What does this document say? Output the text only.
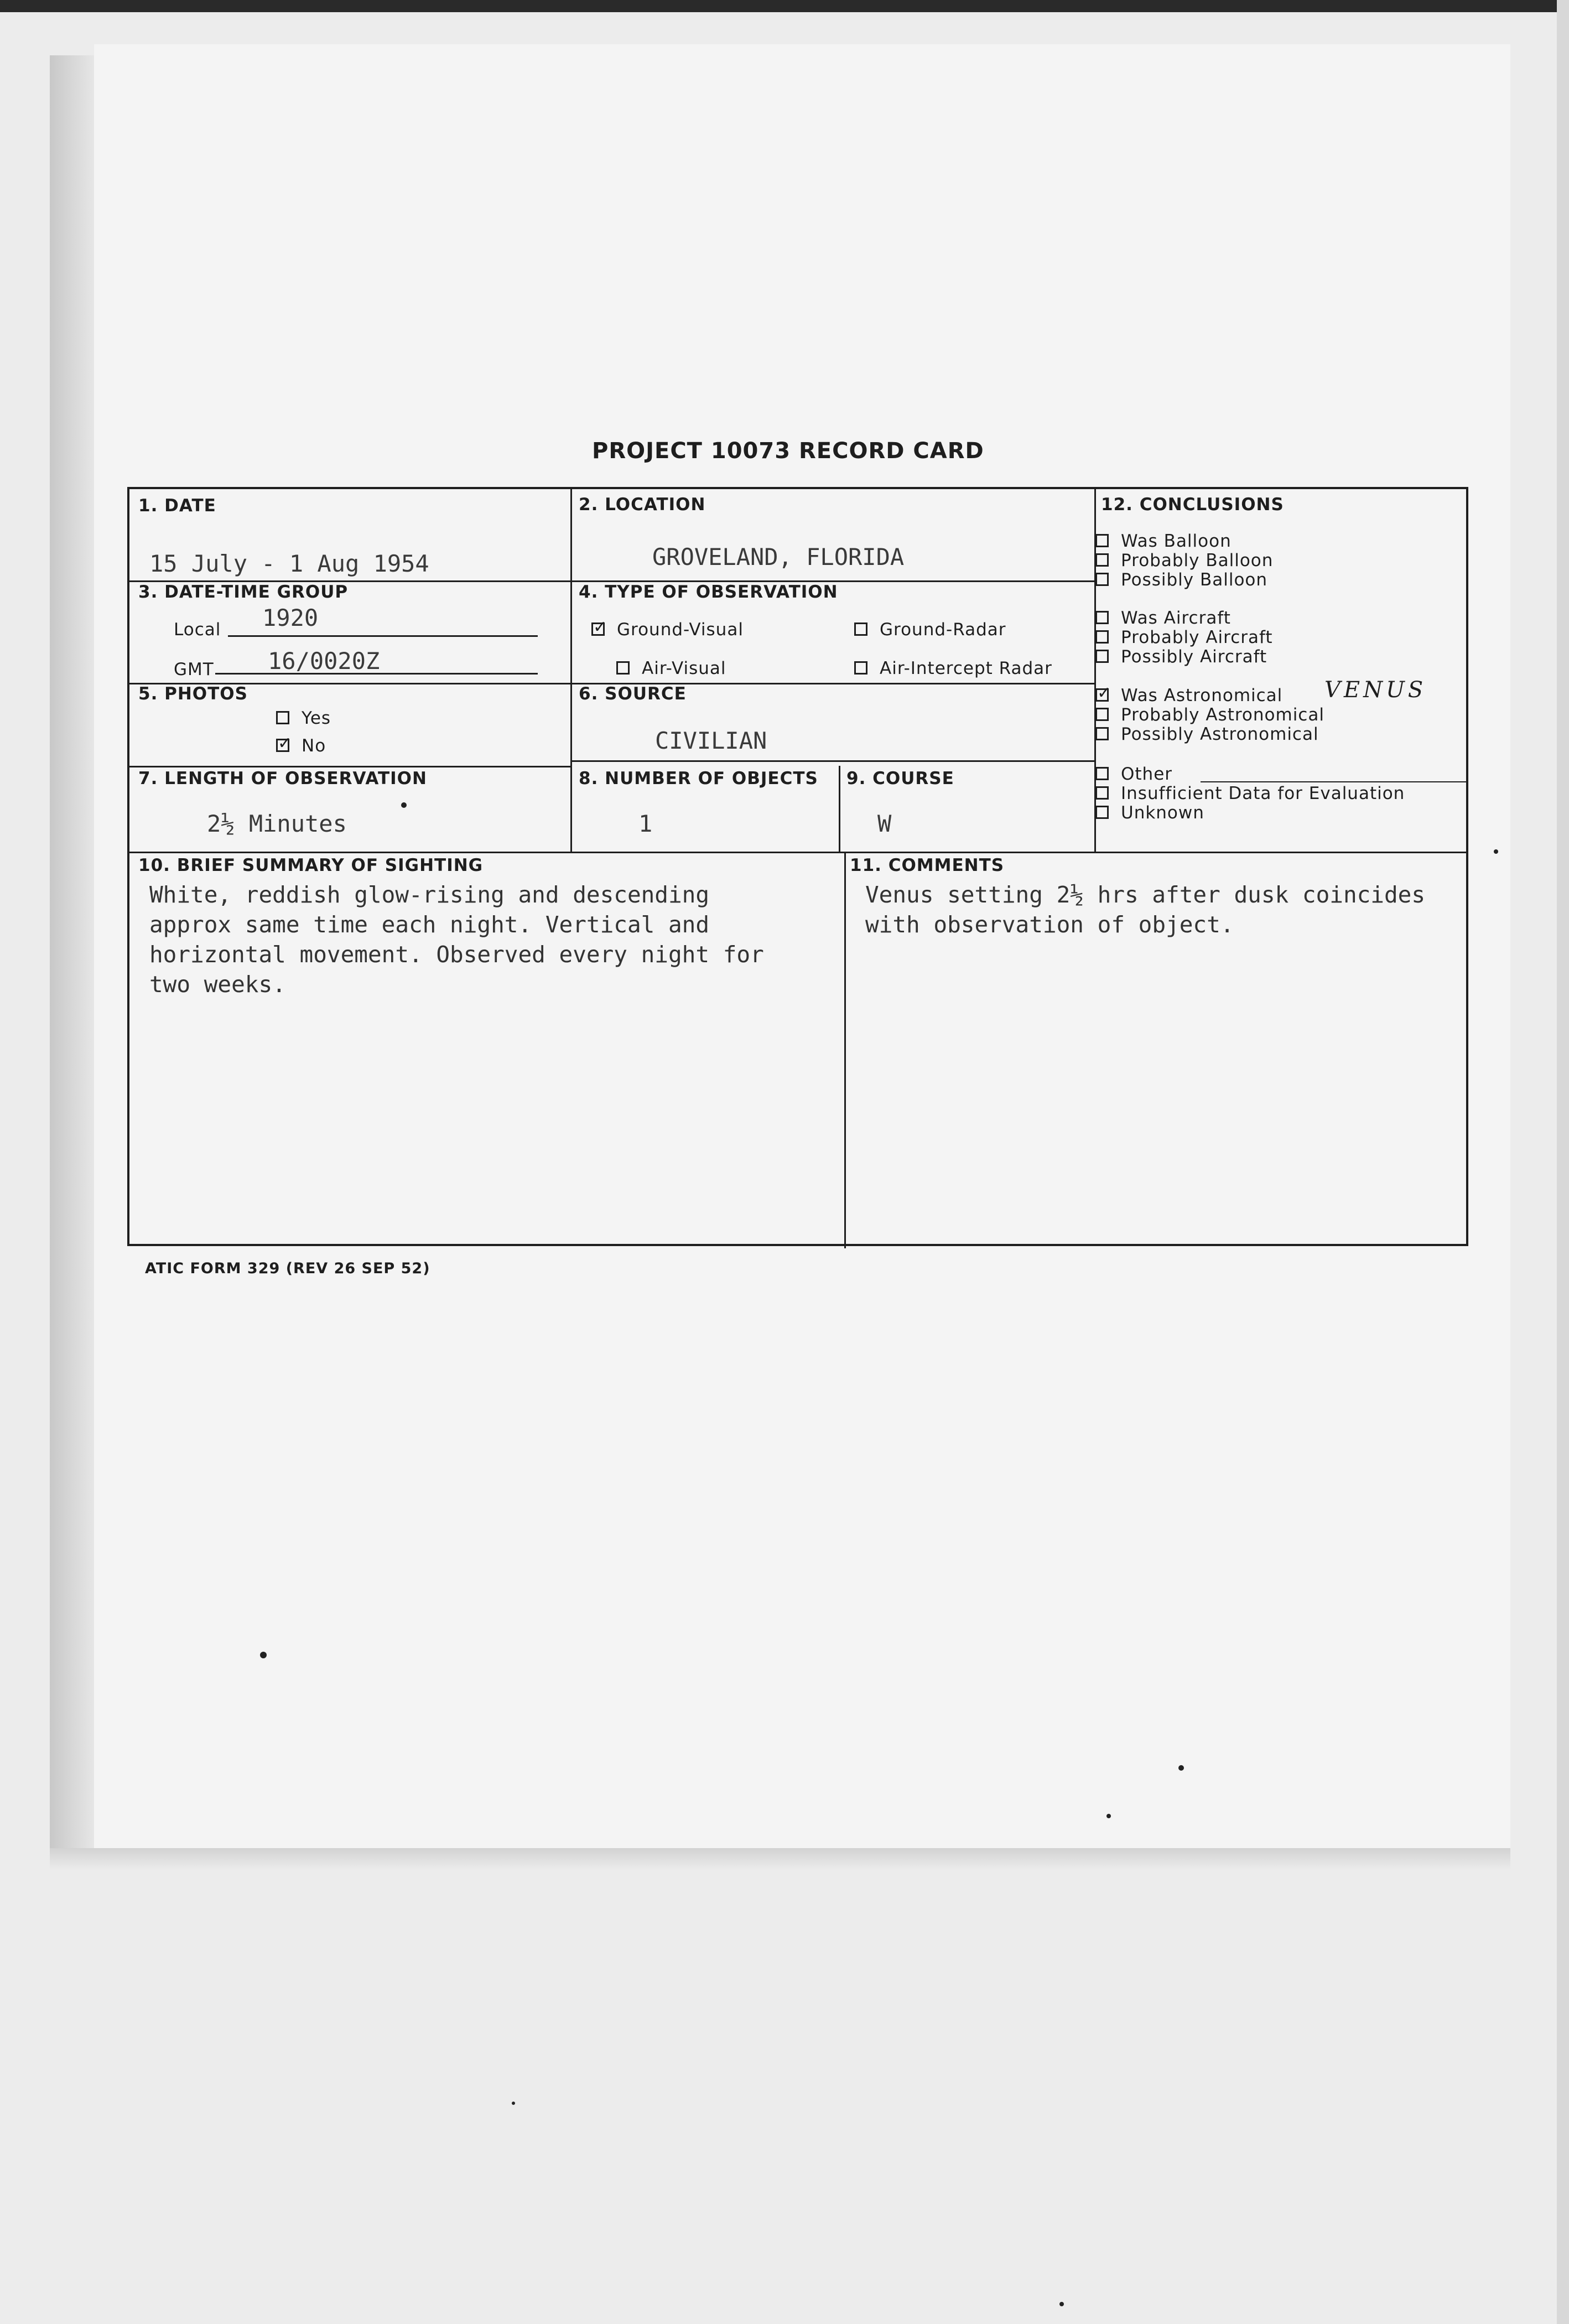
PROJECT 10073 RECORD CARD
1. DATE
15 July - 1 Aug 1954
2. LOCATION
GROVELAND, FLORIDA
3. DATE-TIME GROUP
Local 1920
GMT 16/0020Z
4. TYPE OF OBSERVATION
✓Ground-Visual	Ground-Radar
Air-Visual	Air-Intercept Radar
5. PHOTOS
Yes
✓No
6. SOURCE
CIVILIAN
7. LENGTH OF OBSERVATION
2½ Minutes
8. NUMBER OF OBJECTS
1
9. COURSE
W
10. BRIEF SUMMARY OF SIGHTING
White, reddish glow-rising and descending
approx same time each night. Vertical and
horizontal movement. Observed every night for
two weeks.
11. COMMENTS
Venus setting 2½ hrs after dusk coincides
with observation of object.
12. CONCLUSIONS
VENUS
Was Balloon
Probably Balloon
Possibly Balloon
Was Aircraft
Probably Aircraft
Possibly Aircraft
✓Was Astronomical
Probably Astronomical
Possibly Astronomical
Other
Insufficient Data for Evaluation
Unknown
ATIC FORM 329 (REV 26 SEP 52)
